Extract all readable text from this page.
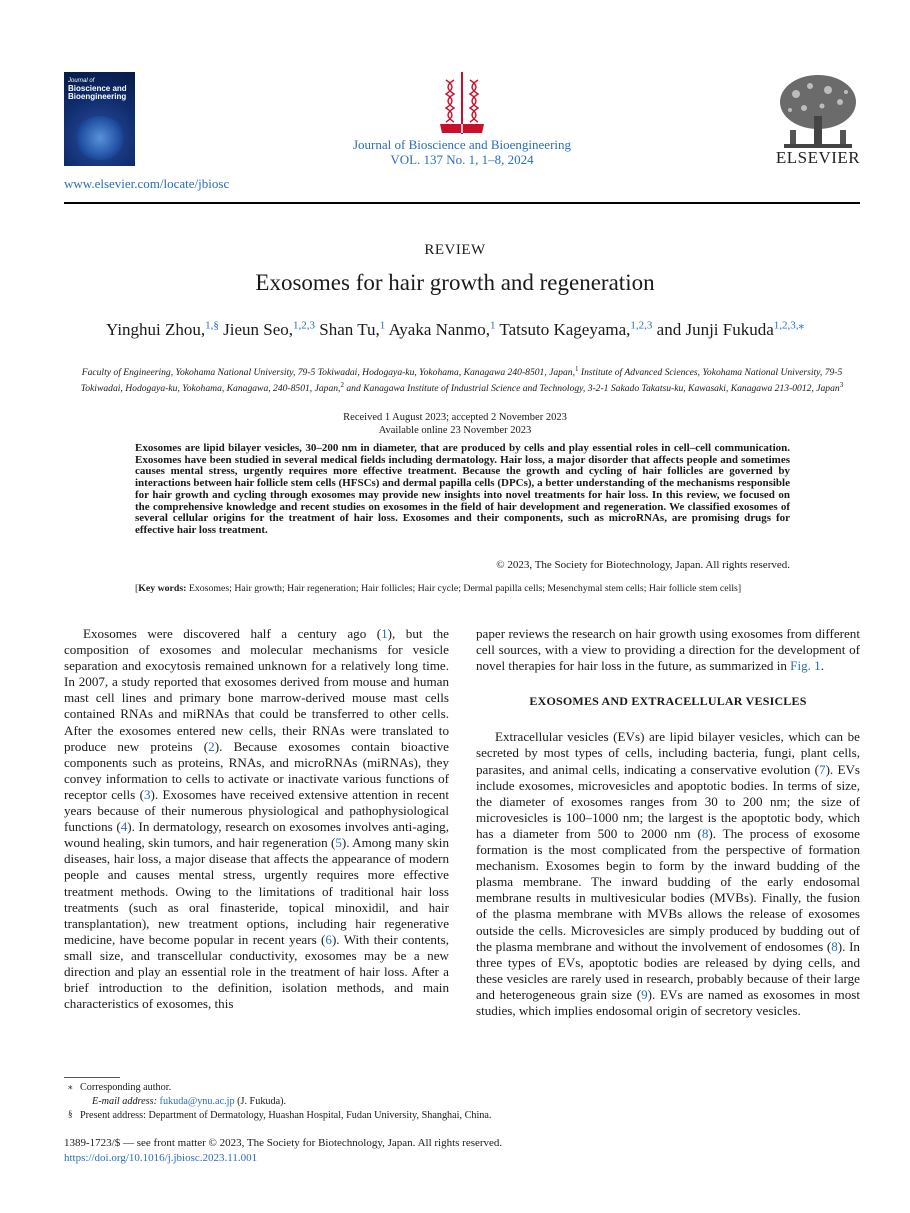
Journal of
Bioscience and
Bioengineering
www.elsevier.com/locate/jbiosc
Journal of Bioscience and Bioengineering
VOL. 137 No. 1, 1–8, 2024	ELSEVIER
REVIEW
Exosomes for hair growth and regeneration
Yinghui Zhou,$^{1,\S}$ Jieun Seo,$^{1,2,3}$ Shan Tu,$^1$ Ayaka Nanmo,$^1$ Tatsuto Kageyama,$^{1,2,3}$ and Junji Fukuda$^{1,2,3,⁎}$
Faculty of Engineering, Yokohama National University, 79-5 Tokiwadai, Hodogaya-ku, Yokohama, Kanagawa 240-8501, Japan,$^1$ Institute of Advanced Sciences, Yokohama National University, 79-5 Tokiwadai, Hodogaya-ku, Yokohama, Kanagawa, 240-8501, Japan,$^2$ and Kanagawa Institute of Industrial Science and Technology, 3-2-1 Sakado Takatsu-ku, Kawasaki, Kanagawa 213-0012, Japan$^3$
Received 1 August 2023; accepted 2 November 2023
Available online 23 November 2023
Exosomes are lipid bilayer vesicles, 30–200 nm in diameter, that are produced by cells and play essential roles in cell–cell communication. Exosomes have been studied in several medical fields including dermatology. Hair loss, a major disorder that affects people and sometimes causes mental stress, urgently requires more effective treatment. Because the growth and cycling of hair follicles are governed by interactions between hair follicle stem cells (HFSCs) and dermal papilla cells (DPCs), a better understanding of the mechanisms responsible for hair growth and cycling through exosomes may provide new insights into novel treatments for hair loss. In this review, we focused on the comprehensive knowledge and recent studies on exosomes in the field of hair development and regeneration. We classified exosomes of several cellular origins for the treatment of hair loss. Exosomes and their components, such as microRNAs, are promising drugs for effective hair loss treatment.
© 2023, The Society for Biotechnology, Japan. All rights reserved.
[Key words: Exosomes; Hair growth; Hair regeneration; Hair follicles; Hair cycle; Dermal papilla cells; Mesenchymal stem cells; Hair follicle stem cells]

Exosomes were discovered half a century ago (1), but the composition of exosomes and molecular mechanisms for vesicle separation and exocytosis remained unknown for a relatively long time. In 2007, a study reported that exosomes derived from mouse and human mast cell lines and primary bone marrow-derived mouse mast cells contained RNAs and miRNAs that could be transferred to other cells. After the exosomes entered new cells, their RNAs were translated to produce new proteins (2). Because exosomes contain bioactive components such as proteins, RNAs, and microRNAs (miRNAs), they convey information to cells to activate or inactivate various functions of receptor cells (3). Exosomes have received extensive attention in recent years because of their numerous physiological and pathophysiological functions (4). In dermatology, research on exosomes involves anti-aging, wound healing, skin tumors, and hair regeneration (5). Among many skin diseases, hair loss, a major disease that affects the appearance of modern people and causes mental stress, urgently requires more effective treatment methods. Owing to the limitations of traditional hair loss treatments (such as oral finasteride, topical minoxidil, and hair transplantation), new treatment options, including hair regenerative medicine, have become popular in recent years (6). With their contents, small size, and transcellular conductivity, exosomes may be a new direction and play an essential role in the treatment of hair loss. After a brief introduction to the definition, isolation methods, and main characteristics of exosomes, this

paper reviews the research on hair growth using exosomes from different cell sources, with a view to providing a direction for the development of novel therapies for hair loss in the future, as summarized in Fig. 1.

EXOSOMES AND EXTRACELLULAR VESICLES

Extracellular vesicles (EVs) are lipid bilayer vesicles, which can be secreted by most types of cells, including bacteria, fungi, plant cells, parasites, and animal cells, indicating a conservative evolution (7). EVs include exosomes, microvesicles and apoptotic bodies. In terms of size, the diameter of exosomes ranges from 30 to 200 nm; the size of microvesicles is 100–1000 nm; the largest is the apoptotic body, which has a diameter from 500 to 2000 nm (8). The process of exosome formation is the most complicated from the perspective of formation mechanism. Exosomes begin to form by the inward budding of the plasma membrane. The inward budding of the early endosomal membrane results in multivesicular bodies (MVBs). Finally, the fusion of the plasma membrane with MVBs allows the release of exosomes outside the cells. Microvesicles are simply produced by budding out of the plasma membrane and without the involvement of endosomes (8). In three types of EVs, apoptotic bodies are released by dying cells, and these vesicles are rarely used in research, probably because of their large and heterogeneous grain size (9). EVs are named as exosomes in most studies, which implies endosomal origin of secretory vesicles.

⁎ Corresponding author.
E-mail address: fukuda@ynu.ac.jp (J. Fukuda).
§ Present address: Department of Dermatology, Huashan Hospital, Fudan University, Shanghai, China.
1389-1723/$ — see front matter © 2023, The Society for Biotechnology, Japan. All rights reserved.
https://doi.org/10.1016/j.jbiosc.2023.11.001
